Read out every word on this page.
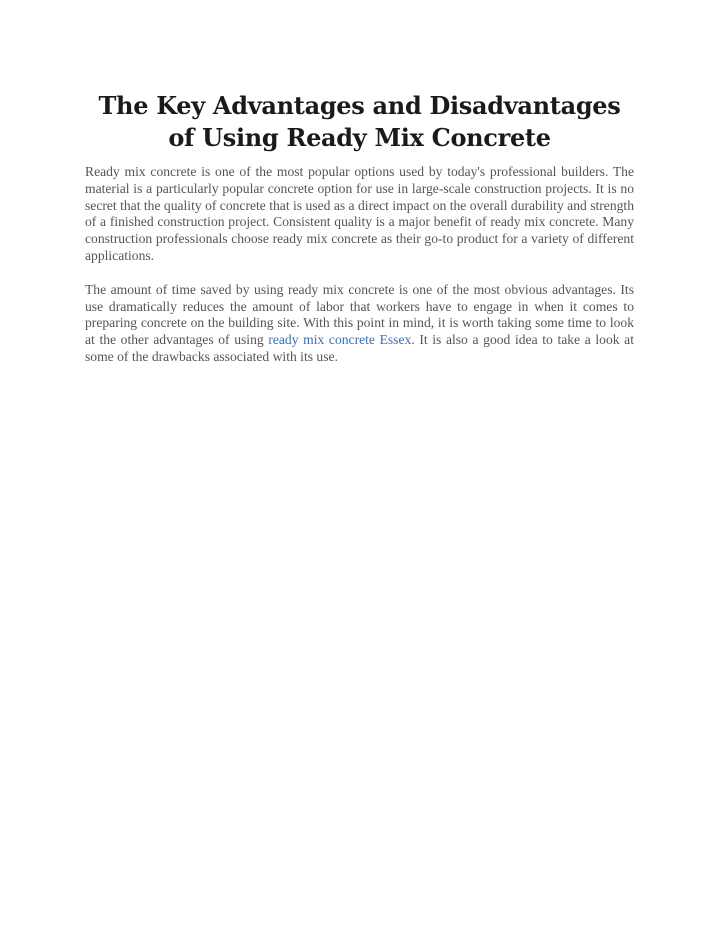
The Key Advantages and Disadvantages of Using Ready Mix Concrete

Ready mix concrete is one of the most popular options used by today's professional builders. The material is a particularly popular concrete option for use in large-scale construction projects. It is no secret that the quality of concrete that is used as a direct impact on the overall durability and strength of a finished construction project. Consistent quality is a major benefit of ready mix concrete. Many construction professionals choose ready mix concrete as their go-to product for a variety of different applications.

The amount of time saved by using ready mix concrete is one of the most obvious advantages. Its use dramatically reduces the amount of labor that workers have to engage in when it comes to preparing concrete on the building site. With this point in mind, it is worth taking some time to look at the other advantages of using ready mix concrete Essex. It is also a good idea to take a look at some of the drawbacks associated with its use.
